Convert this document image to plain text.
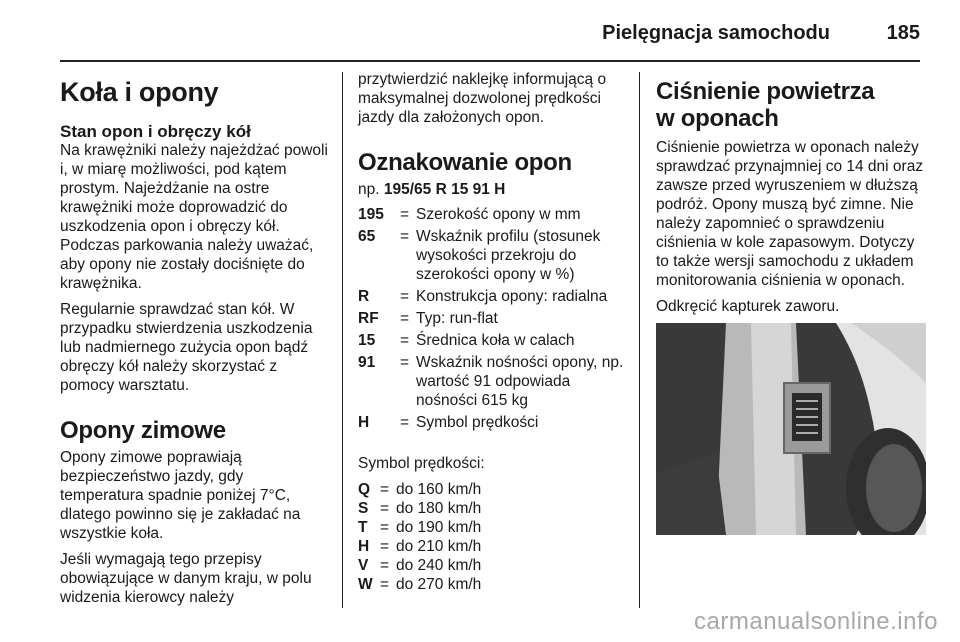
Pielęgnacja samochodu	185
Koła i opony
Stan opon i obręczy kół

Na krawężniki należy najeżdżać powoli i, w miarę możliwości, pod kątem prostym. Najeżdżanie na ostre krawężniki może doprowadzić do uszkodzenia opon i obręczy kół. Podczas parkowania należy uważać, aby opony nie zostały dociśnięte do krawężnika.

Regularnie sprawdzać stan kół. W przypadku stwierdzenia uszkodzenia lub nadmiernego zużycia opon bądź obręczy kół należy skorzystać z pomocy warsztatu.

Opony zimowe

Opony zimowe poprawiają bezpieczeństwo jazdy, gdy temperatura spadnie poniżej 7°C, dlatego powinno się je zakładać na wszystkie koła.

Jeśli wymagają tego przepisy obowiązujące w danym kraju, w polu widzenia kierowcy należy

przytwierdzić naklejkę informującą o maksymalnej dozwolonej prędkości jazdy dla założonych opon.

Oznakowanie opon
np. 195/65 R 15 91 H
195	= Szerokość opony w mm
65	= Wskaźnik profilu (stosunek wysokości przekroju do szerokości opony w %)
R	= Konstrukcja opony: radialna
RF	= Typ: run-flat
15	= Średnica koła w calach
91	= Wskaźnik nośności opony, np. wartość 91 odpowiada nośności 615 kg
H	= Symbol prędkości

Symbol prędkości:

Q = do 160 km/h
S = do 180 km/h
T = do 190 km/h
H = do 210 km/h
V = do 240 km/h
W = do 270 km/h
Ciśnienie powietrza
w oponach

Ciśnienie powietrza w oponach należy sprawdzać przynajmniej co 14 dni oraz zawsze przed wyruszeniem w dłuższą podróż. Opony muszą być zimne. Nie należy zapomnieć o sprawdzeniu ciśnienia w kole zapasowym. Dotyczy to także wersji samochodu z układem monitorowania ciśnienia w oponach.

Odkręcić kapturek zaworu.

carmanualsonline.info
